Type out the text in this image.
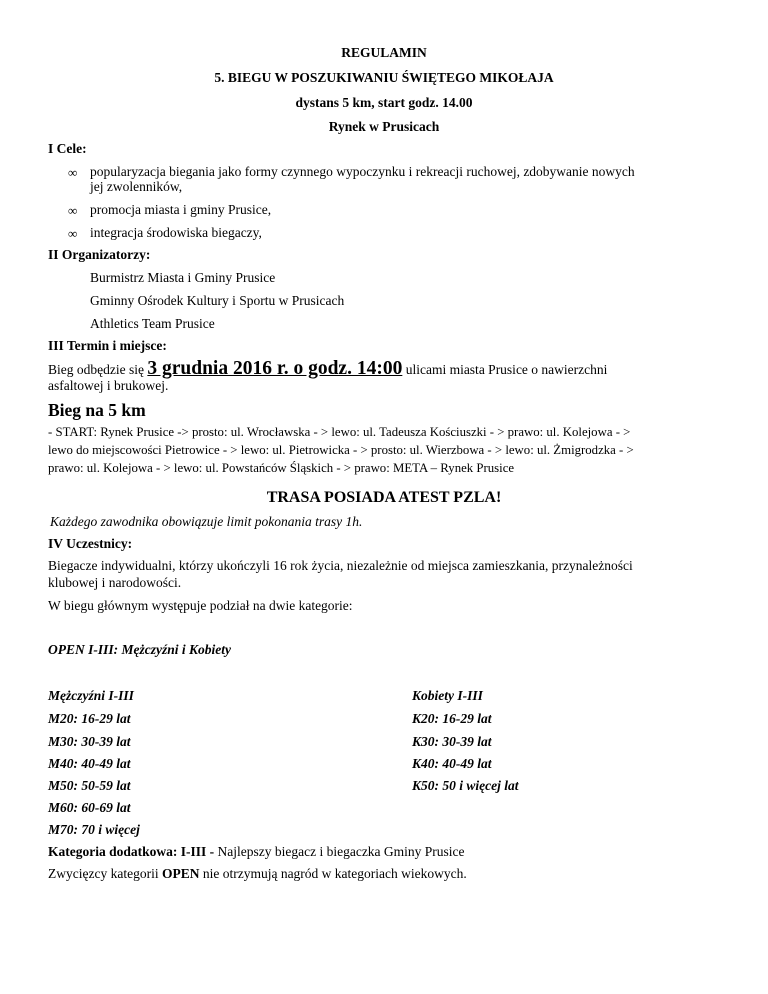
REGULAMIN
5. BIEGU W POSZUKIWANIU ŚWIĘTEGO MIKOŁAJA
dystans 5 km, start godz. 14.00
Rynek w Prusicach
I Cele:
∞ popularyzacja biegania jako formy czynnego wypoczynku i rekreacji ruchowej, zdobywanie nowych
jej zwolenników,
∞ promocja miasta i gminy Prusice,
∞ integracja środowiska biegaczy,
II Organizatorzy:
Burmistrz Miasta i Gminy Prusice
Gminny Ośrodek Kultury i Sportu w Prusicach
Athletics Team Prusice
III Termin i miejsce:
Bieg odbędzie się 3 grudnia 2016 r. o godz. 14:00 ulicami miasta Prusice o nawierzchni
asfaltowej i brukowej.
Bieg na 5 km
- START: Rynek Prusice -> prosto: ul. Wrocławska - > lewo: ul. Tadeusza Kościuszki - > prawo: ul. Kolejowa - >
lewo do miejscowości Pietrowice - > lewo: ul. Pietrowicka - > prosto: ul. Wierzbowa - > lewo: ul. Żmigrodzka - >
prawo: ul. Kolejowa - > lewo: ul. Powstańców Śląskich - > prawo: META – Rynek Prusice
TRASA POSIADA ATEST PZLA!
Każdego zawodnika obowiązuje limit pokonania trasy 1h.
IV Uczestnicy:
Biegacze indywidualni, którzy ukończyli 16 rok życia, niezależnie od miejsca zamieszkania, przynależności
klubowej i narodowości.
W biegu głównym występuje podział na dwie kategorie:
OPEN I-III: Mężczyźni i Kobiety
Mężczyźni I-III
M20: 16-29 lat
M30: 30-39 lat
M40: 40-49 lat
M50: 50-59 lat
M60: 60-69 lat
M70: 70 i więcej
Kobiety I-III
K20: 16-29 lat
K30: 30-39 lat
K40: 40-49 lat
K50: 50 i więcej lat
Kategoria dodatkowa: I-III - Najlepszy biegacz i biegaczka Gminy Prusice
Zwycięzcy kategorii OPEN nie otrzymują nagród w kategoriach wiekowych.
